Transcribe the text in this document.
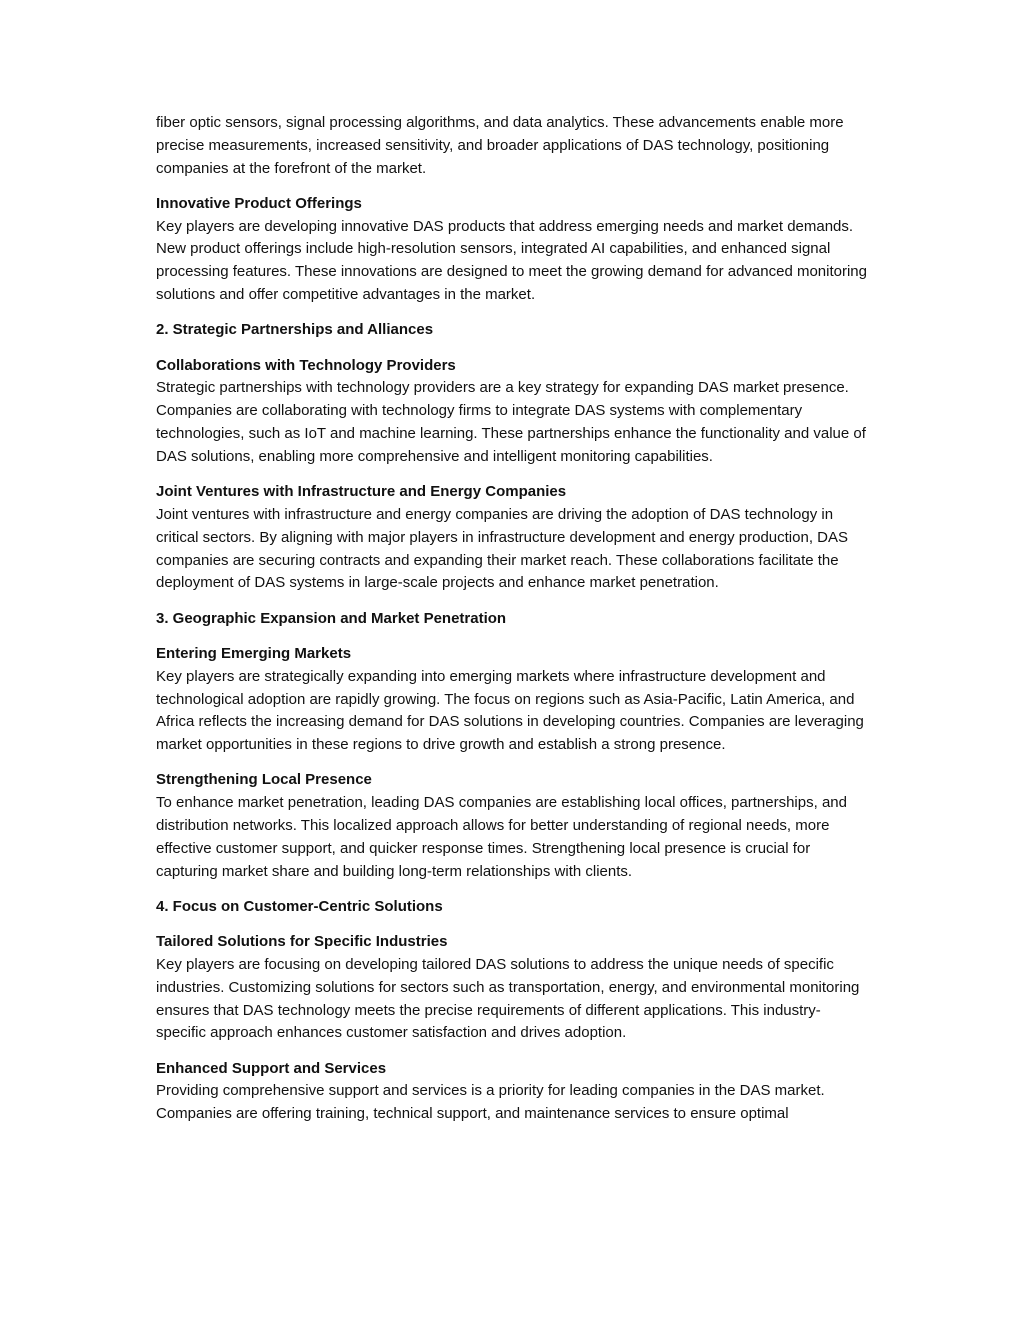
fiber optic sensors, signal processing algorithms, and data analytics. These advancements enable more precise measurements, increased sensitivity, and broader applications of DAS technology, positioning companies at the forefront of the market.

Innovative Product Offerings
Key players are developing innovative DAS products that address emerging needs and market demands. New product offerings include high-resolution sensors, integrated AI capabilities, and enhanced signal processing features. These innovations are designed to meet the growing demand for advanced monitoring solutions and offer competitive advantages in the market.

2. Strategic Partnerships and Alliances

Collaborations with Technology Providers
Strategic partnerships with technology providers are a key strategy for expanding DAS market presence. Companies are collaborating with technology firms to integrate DAS systems with complementary technologies, such as IoT and machine learning. These partnerships enhance the functionality and value of DAS solutions, enabling more comprehensive and intelligent monitoring capabilities.
Joint Ventures with Infrastructure and Energy Companies
Joint ventures with infrastructure and energy companies are driving the adoption of DAS technology in critical sectors. By aligning with major players in infrastructure development and energy production, DAS companies are securing contracts and expanding their market reach. These collaborations facilitate the deployment of DAS systems in large-scale projects and enhance market penetration.

3. Geographic Expansion and Market Penetration

Entering Emerging Markets
Key players are strategically expanding into emerging markets where infrastructure development and technological adoption are rapidly growing. The focus on regions such as Asia-Pacific, Latin America, and Africa reflects the increasing demand for DAS solutions in developing countries. Companies are leveraging market opportunities in these regions to drive growth and establish a strong presence.
Strengthening Local Presence
To enhance market penetration, leading DAS companies are establishing local offices, partnerships, and distribution networks. This localized approach allows for better understanding of regional needs, more effective customer support, and quicker response times. Strengthening local presence is crucial for capturing market share and building long-term relationships with clients.

4. Focus on Customer-Centric Solutions

Tailored Solutions for Specific Industries
Key players are focusing on developing tailored DAS solutions to address the unique needs of specific industries. Customizing solutions for sectors such as transportation, energy, and environmental monitoring ensures that DAS technology meets the precise requirements of different applications. This industry-specific approach enhances customer satisfaction and drives adoption.
Enhanced Support and Services
Providing comprehensive support and services is a priority for leading companies in the DAS market. Companies are offering training, technical support, and maintenance services to ensure optimal
